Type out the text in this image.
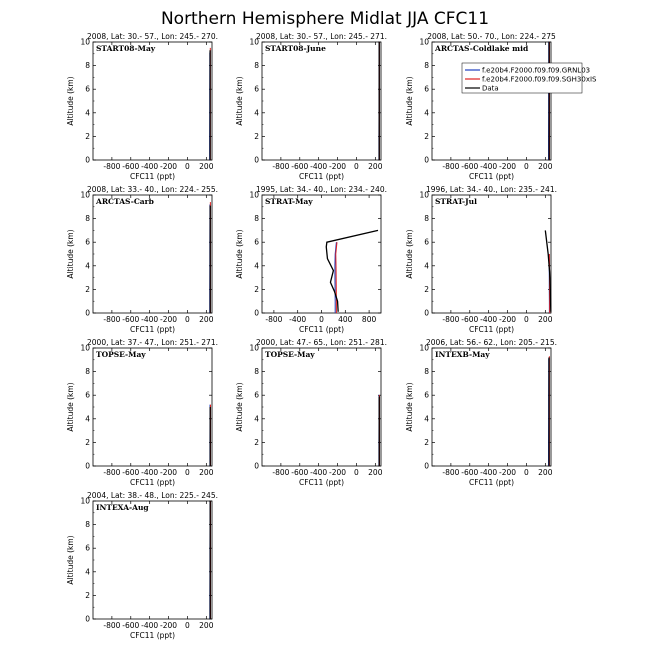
Northern Hemisphere Midlat JJA CFC11
2008, Lat: 30.- 57., Lon: 245.- 270.
0
2
4
6
8
10
-800 -600 -400 -200 0 200
CFC11 (ppt)
Altitude (km)
START08-May
2008, Lat: 30.- 57., Lon: 245.- 271.
0
2
4
6
8
10
-800 -600 -400 -200 0 200
CFC11 (ppt)
Altitude (km)
START08-June
2008, Lat: 50.- 70., Lon: 224.- 275
0
2
4
6
8
10
-800 -600 -400 -200 0 200
CFC11 (ppt)
Altitude (km)
ARCTAS-Coldlake mid
f.e20b4.F2000.f09.f09.GRNL03
f.e20b4.F2000.f09.f09.SGH30xIS
Data
2008, Lat: 33.- 40., Lon: 224.- 255.
0
2
4
6
8
10
-800 -600 -400 -200 0 200
CFC11 (ppt)
Altitude (km)
ARCTAS-Carb
1995, Lat: 34.- 40., Lon: 234.- 240.
0
2
4
6
8
10
-800 -400 0 400 800
CFC11 (ppt)
Altitude (km)
STRAT-May
1996, Lat: 34.- 40., Lon: 235.- 241.
0
2
4
6
8
10
-800 -600 -400 -200 0 200
CFC11 (ppt)
Altitude (km)
STRAT-Jul
2000, Lat: 37.- 47., Lon: 251.- 271.
0
2
4
6
8
10
-800 -600 -400 -200 0 200
CFC11 (ppt)
Altitude (km)
TOPSE-May
2000, Lat: 47.- 65., Lon: 251.- 281.
0
2
4
6
8
10
-800 -600 -400 -200 0 200
CFC11 (ppt)
Altitude (km)
TOPSE-May
2006, Lat: 56.- 62., Lon: 205.- 215.
0
2
4
6
8
10
-800 -600 -400 -200 0 200
CFC11 (ppt)
Altitude (km)
INTEXB-May
2004, Lat: 38.- 48., Lon: 225.- 245.
0
2
4
6
8
10
-800 -600 -400 -200 0 200
CFC11 (ppt)
Altitude (km)
INTEXA-Aug
